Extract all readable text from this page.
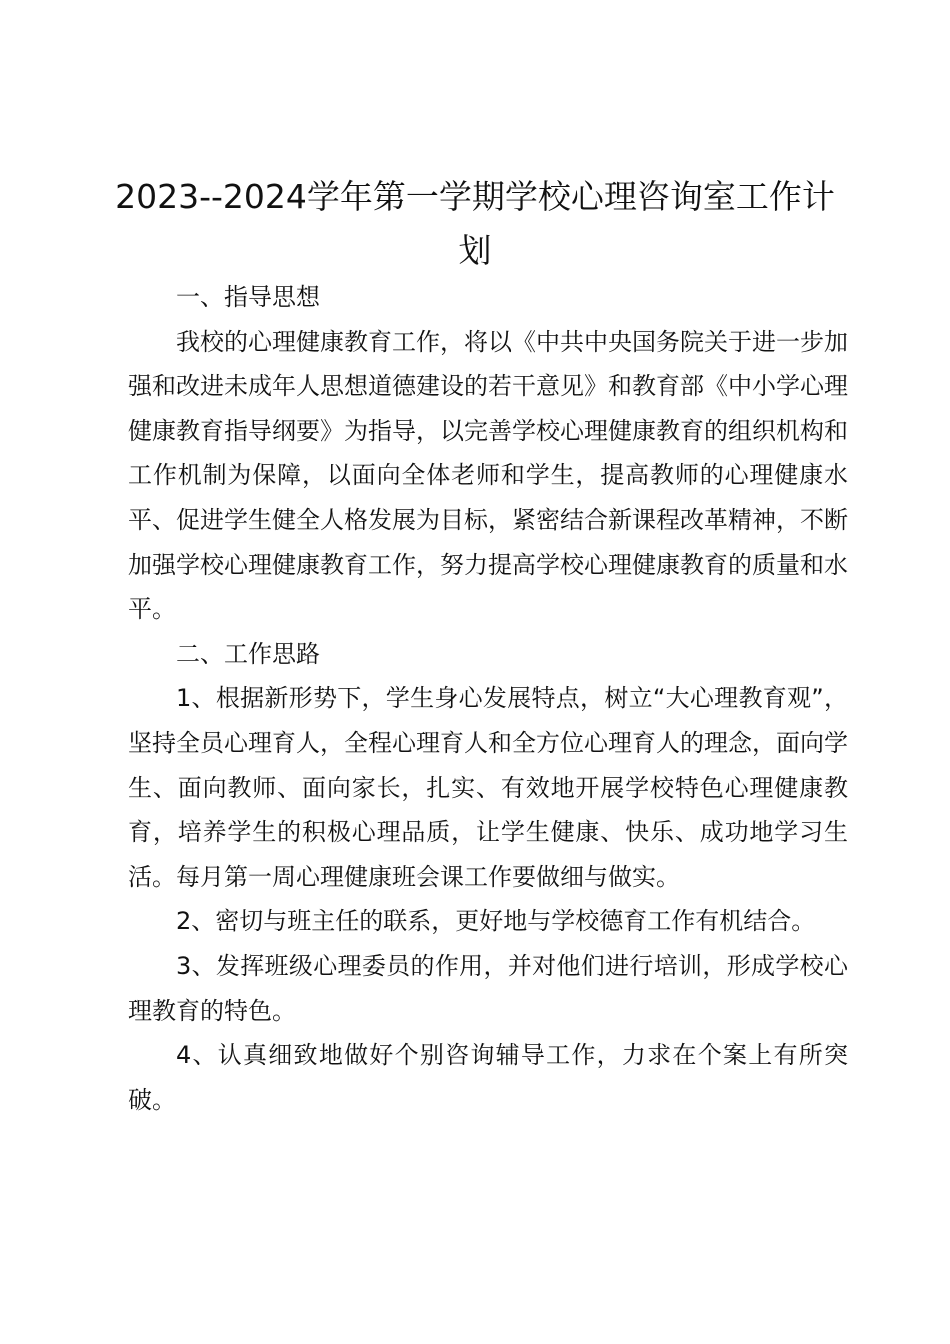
2023--2024学年第一学期学校心理咨询室工作计划

一、指导思想

我校的心理健康教育工作，将以《中共中央国务院关于进一步加强和改进未成年人思想道德建设的若干意见》和教育部《中小学心理健康教育指导纲要》为指导，以完善学校心理健康教育的组织机构和工作机制为保障，以面向全体老师和学生，提高教师的心理健康水平、促进学生健全人格发展为目标，紧密结合新课程改革精神，不断加强学校心理健康教育工作，努力提高学校心理健康教育的质量和水平。

二、工作思路

1、根据新形势下，学生身心发展特点，树立“大心理教育观”，坚持全员心理育人，全程心理育人和全方位心理育人的理念，面向学生、面向教师、面向家长，扎实、有效地开展学校特色心理健康教育，培养学生的积极心理品质，让学生健康、快乐、成功地学习生活。每月第一周心理健康班会课工作要做细与做实。

2、密切与班主任的联系，更好地与学校德育工作有机结合。

3、发挥班级心理委员的作用，并对他们进行培训，形成学校心理教育的特色。

4、认真细致地做好个别咨询辅导工作，力求在个案上有所突破。
